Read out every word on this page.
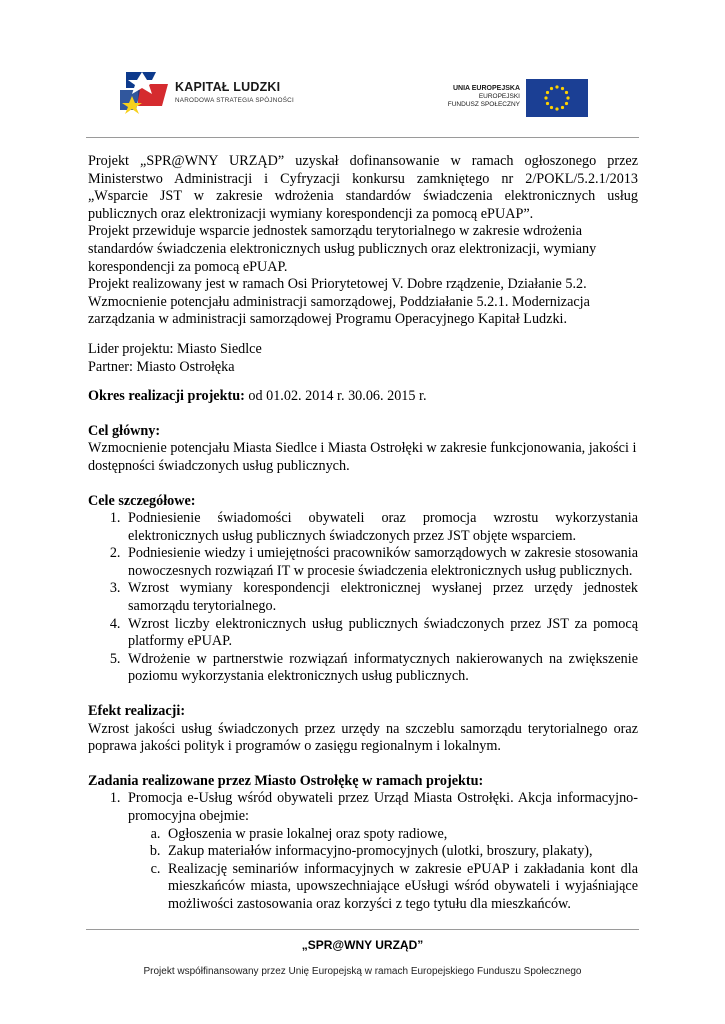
KAPITAŁ LUDZKI
NARODOWA STRATEGIA SPÓJNOŚCI
UNIA EUROPEJSKA
EUROPEJSKI
FUNDUSZ SPOŁECZNY

Projekt „SPR@WNY URZĄD” uzyskał dofinansowanie w ramach ogłoszonego przez Ministerstwo Administracji i Cyfryzacji konkursu zamkniętego nr 2/POKL/5.2.1/2013 „Wsparcie JST w zakresie wdrożenia standardów świadczenia elektronicznych usług publicznych oraz elektronizacji wymiany korespondencji za pomocą ePUAP”.

Projekt przewiduje wsparcie jednostek samorządu terytorialnego w zakresie wdrożenia standardów świadczenia elektronicznych usług publicznych oraz elektronizacji, wymiany korespondencji za pomocą ePUAP.

Projekt realizowany jest w ramach Osi Priorytetowej V. Dobre rządzenie, Działanie 5.2. Wzmocnienie potencjału administracji samorządowej, Poddziałanie 5.2.1. Modernizacja zarządzania w administracji samorządowej Programu Operacyjnego Kapitał Ludzki.

Lider projektu: Miasto Siedlce

Partner: Miasto Ostrołęka

Okres realizacji projektu: od 01.02. 2014 r. 30.06. 2015 r.

Cel główny:

Wzmocnienie potencjału Miasta Siedlce i Miasta Ostrołęki w zakresie funkcjonowania, jakości i dostępności świadczonych usług publicznych.

Cele szczegółowe:

1. Podniesienie świadomości obywateli oraz promocja wzrostu wykorzystania elektronicznych usług publicznych świadczonych przez JST objęte wsparciem.
2. Podniesienie wiedzy i umiejętności pracowników samorządowych w zakresie stosowania nowoczesnych rozwiązań IT w procesie świadczenia elektronicznych usług publicznych.
3. Wzrost wymiany korespondencji elektronicznej wysłanej przez urzędy jednostek samorządu terytorialnego.
4. Wzrost liczby elektronicznych usług publicznych świadczonych przez JST za pomocą platformy ePUAP.
5. Wdrożenie w partnerstwie rozwiązań informatycznych nakierowanych na zwiększenie poziomu wykorzystania elektronicznych usług publicznych.

Efekt realizacji:

Wzrost jakości usług świadczonych przez urzędy na szczeblu samorządu terytorialnego oraz poprawa jakości polityk i programów o zasięgu regionalnym i lokalnym.

Zadania realizowane przez Miasto Ostrołękę w ramach projektu:

1. Promocja e-Usług wśród obywateli przez Urząd Miasta Ostrołęki. Akcja informacyjno-promocyjna obejmie:
a. Ogłoszenia w prasie lokalnej oraz spoty radiowe,
b. Zakup materiałów informacyjno-promocyjnych (ulotki, broszury, plakaty),
c. Realizację seminariów informacyjnych w zakresie ePUAP i zakładania kont dla mieszkańców miasta, upowszechniające eUsługi wśród obywateli i wyjaśniające możliwości zastosowania oraz korzyści z tego tytułu dla mieszkańców.
„SPR@WNY URZĄD”
Projekt współfinansowany przez Unię Europejską w ramach Europejskiego Funduszu Społecznego
